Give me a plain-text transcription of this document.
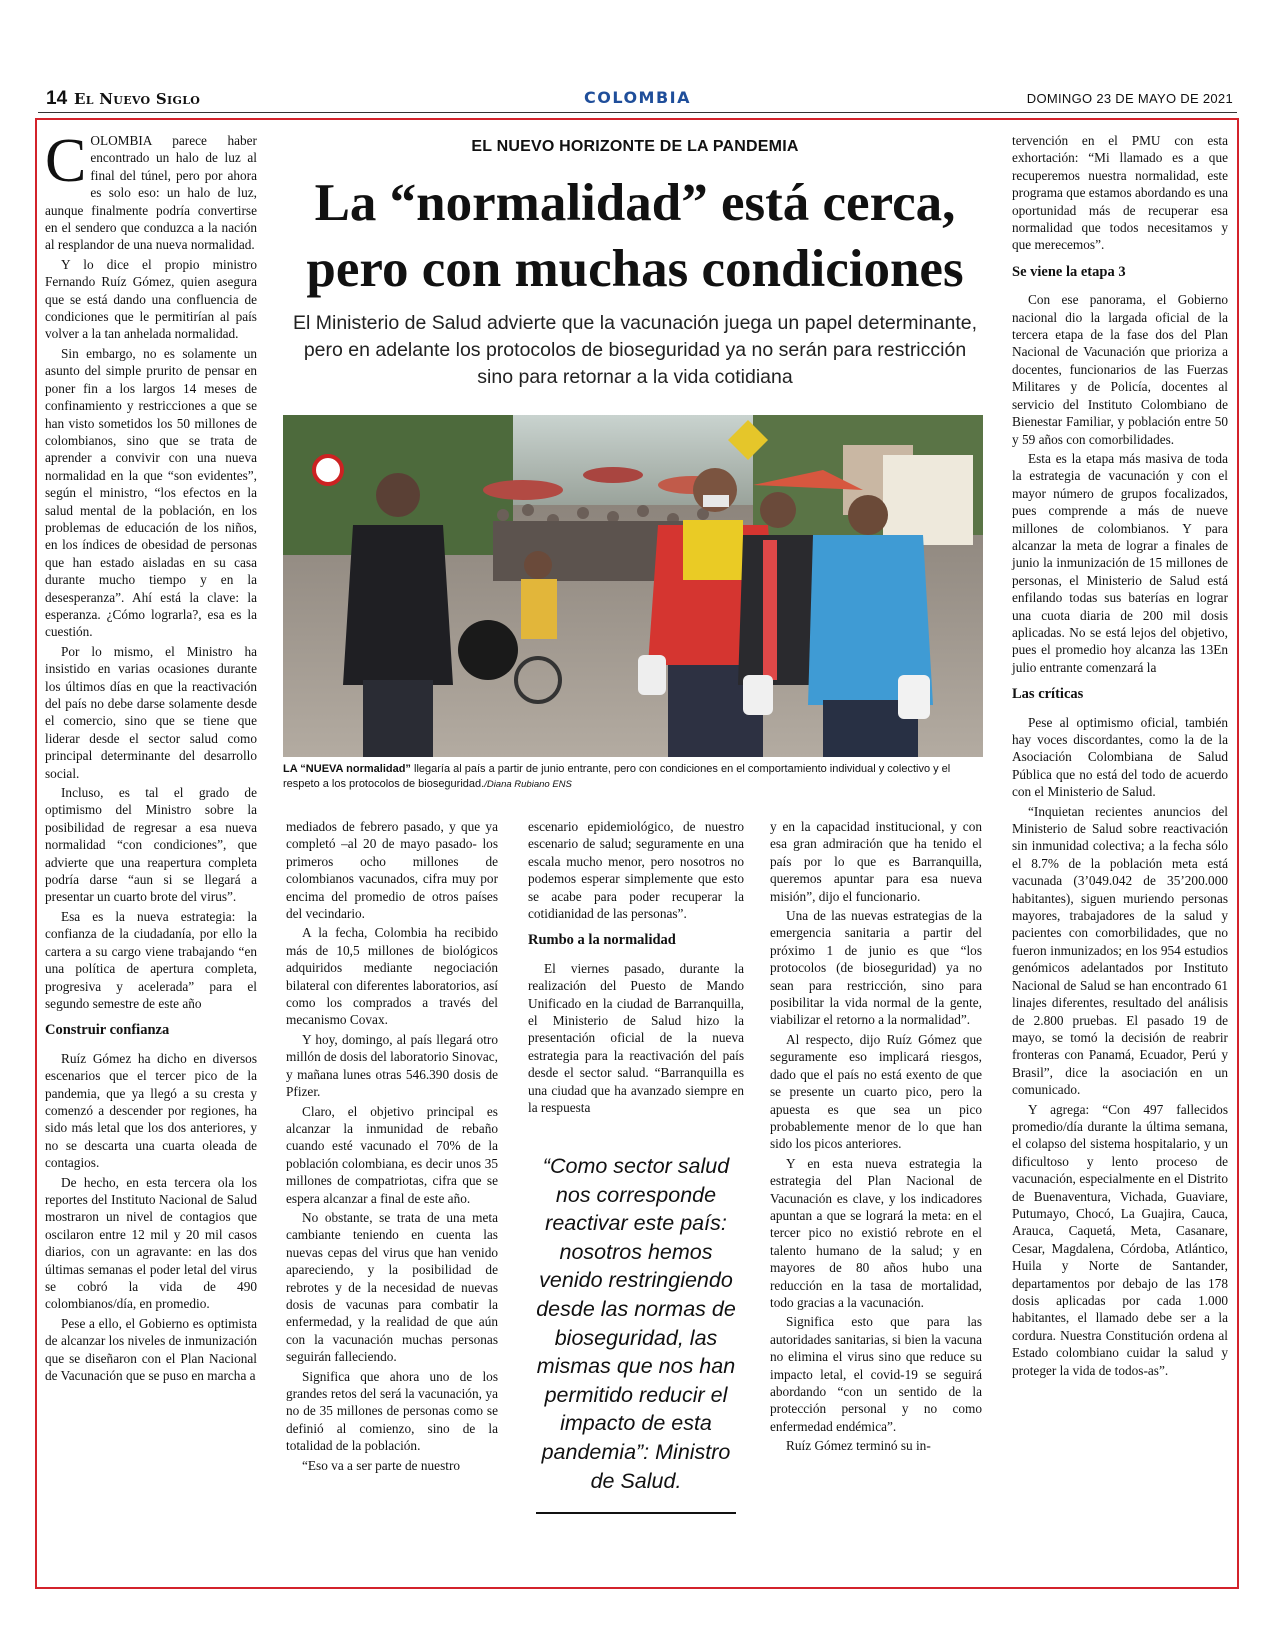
14 El Nuevo Siglo	COLOMBIA	DOMINGO 23 DE MAYO DE 2021

COLOMBIA parece haber encontrado un halo de luz al final del túnel, pero por ahora es solo eso: un halo de luz, aunque finalmente podría convertirse en el sendero que conduzca a la nación al resplandor de una nueva normalidad.

Y lo dice el propio ministro Fernando Ruíz Gómez, quien asegura que se está dando una confluencia de condiciones que le permitirían al país volver a la tan anhelada normalidad.

Sin embargo, no es solamente un asunto del simple prurito de pensar en poner fin a los largos 14 meses de confinamiento y restricciones a que se han visto sometidos los 50 millones de colombianos, sino que se trata de aprender a convivir con una nueva normalidad en la que “son evidentes”, según el ministro, “los efectos en la salud mental de la población, en los problemas de educación de los niños, en los índices de obesidad de personas que han estado aisladas en su casa durante mucho tiempo y en la desesperanza”. Ahí está la clave: la esperanza. ¿Cómo lograrla?, esa es la cuestión.

Por lo mismo, el Ministro ha insistido en varias ocasiones durante los últimos días en que la reactivación del país no debe darse solamente desde el comercio, sino que se tiene que liderar desde el sector salud como principal determinante del desarrollo social.

Incluso, es tal el grado de optimismo del Ministro sobre la posibilidad de regresar a esa nueva normalidad “con condiciones”, que advierte que una reapertura completa podría darse “aun si se llegará a presentar un cuarto brote del virus”.

Esa es la nueva estrategia: la confianza de la ciudadanía, por ello la cartera a su cargo viene trabajando “en una política de apertura completa, progresiva y acelerada” para el segundo semestre de este año

Construir confianza

Ruíz Gómez ha dicho en diversos escenarios que el tercer pico de la pandemia, que ya llegó a su cresta y comenzó a descender por regiones, ha sido más letal que los dos anteriores, y no se descarta una cuarta oleada de contagios.

De hecho, en esta tercera ola los reportes del Instituto Nacional de Salud mostraron un nivel de contagios que oscilaron entre 12 mil y 20 mil casos diarios, con un agravante: en las dos últimas semanas el poder letal del virus se cobró la vida de 490 colombianos/día, en promedio.

Pese a ello, el Gobierno es optimista de alcanzar los niveles de inmunización que se diseñaron con el Plan Nacional de Vacunación que se puso en marcha a

EL NUEVO HORIZONTE DE LA PANDEMIA
La “normalidad” está cerca, pero con muchas condiciones
El Ministerio de Salud advierte que la vacunación juega un papel determinante, pero en adelante los protocolos de bioseguridad ya no serán para restricción sino para retornar a la vida cotidiana
LA “NUEVA normalidad” llegaría al país a partir de junio entrante, pero con condiciones en el comportamiento individual y colectivo y el respeto a los protocolos de bioseguridad./Diana Rubiano ENS

mediados de febrero pasado, y que ya completó –al 20 de mayo pasado- los primeros ocho millones de colombianos vacunados, cifra muy por encima del promedio de otros países del vecindario.

A la fecha, Colombia ha recibido más de 10,5 millones de biológicos adquiridos mediante negociación bilateral con diferentes laboratorios, así como los comprados a través del mecanismo Covax.

Y hoy, domingo, al país llegará otro millón de dosis del laboratorio Sinovac, y mañana lunes otras 546.390 dosis de Pfizer.

Claro, el objetivo principal es alcanzar la inmunidad de rebaño cuando esté vacunado el 70% de la población colombiana, es decir unos 35 millones de compatriotas, cifra que se espera alcanzar a final de este año.

No obstante, se trata de una meta cambiante teniendo en cuenta las nuevas cepas del virus que han venido apareciendo, y la posibilidad de rebrotes y de la necesidad de nuevas dosis de vacunas para combatir la enfermedad, y la realidad de que aún con la vacunación muchas personas seguirán falleciendo.

Significa que ahora uno de los grandes retos del será la vacunación, ya no de 35 millones de personas como se definió al comienzo, sino de la totalidad de la población.

“Eso va a ser parte de nuestro

escenario epidemiológico, de nuestro escenario de salud; seguramente en una escala mucho menor, pero nosotros no podemos esperar simplemente que esto se acabe para poder recuperar la cotidianidad de las personas”.

Rumbo a la normalidad

El viernes pasado, durante la realización del Puesto de Mando Unificado en la ciudad de Barranquilla, el Ministerio de Salud hizo la presentación oficial de la nueva estrategia para la reactivación del país desde el sector salud. “Barranquilla es una ciudad que ha avanzado siempre en la respuesta

“Como sector salud nos corresponde reactivar este país: nosotros hemos venido restringiendo desde las normas de bioseguridad, las mismas que nos han permitido reducir el impacto de esta pandemia”: Ministro de Salud.

y en la capacidad institucional, y con esa gran admiración que ha tenido el país por lo que es Barranquilla, queremos apuntar para esa nueva misión”, dijo el funcionario.

Una de las nuevas estrategias de la emergencia sanitaria a partir del próximo 1 de junio es que “los protocolos (de bioseguridad) ya no sean para restricción, sino para posibilitar la vida normal de la gente, viabilizar el retorno a la normalidad”.

Al respecto, dijo Ruíz Gómez que seguramente eso implicará riesgos, dado que el país no está exento de que se presente un cuarto pico, pero la apuesta es que sea un pico probablemente menor de lo que han sido los picos anteriores.

Y en esta nueva estrategia la estrategia del Plan Nacional de Vacunación es clave, y los indicadores apuntan a que se logrará la meta: en el tercer pico no existió rebrote en el talento humano de la salud; y en mayores de 80 años hubo una reducción en la tasa de mortalidad, todo gracias a la vacunación.

Significa esto que para las autoridades sanitarias, si bien la vacuna no elimina el virus sino que reduce su impacto letal, el covid-19 se seguirá abordando “con un sentido de la protección personal y no como enfermedad endémica”.

Ruíz Gómez terminó su in-

tervención en el PMU con esta exhortación: “Mi llamado es a que recuperemos nuestra normalidad, este programa que estamos abordando es una oportunidad más de recuperar esa normalidad que todos necesitamos y que merecemos”.

Se viene la etapa 3

Con ese panorama, el Gobierno nacional dio la largada oficial de la tercera etapa de la fase dos del Plan Nacional de Vacunación que prioriza a docentes, funcionarios de las Fuerzas Militares y de Policía, docentes al servicio del Instituto Colombiano de Bienestar Familiar, y población entre 50 y 59 años con comorbilidades.

Esta es la etapa más masiva de toda la estrategia de vacunación y con el mayor número de grupos focalizados, pues comprende a más de nueve millones de colombianos. Y para alcanzar la meta de lograr a finales de junio la inmunización de 15 millones de personas, el Ministerio de Salud está enfilando todas sus baterías en lograr una cuota diaria de 200 mil dosis aplicadas. No se está lejos del objetivo, pues el promedio hoy alcanza las 13En julio entrante comenzará la

Las críticas

Pese al optimismo oficial, también hay voces discordantes, como la de la Asociación Colombiana de Salud Pública que no está del todo de acuerdo con el Ministerio de Salud.

“Inquietan recientes anuncios del Ministerio de Salud sobre reactivación sin inmunidad colectiva; a la fecha sólo el 8.7% de la población meta está vacunada (3’049.042 de 35’200.000 habitantes), siguen muriendo personas mayores, trabajadores de la salud y pacientes con comorbilidades, que no fueron inmunizados; en los 954 estudios genómicos adelantados por Instituto Nacional de Salud se han encontrado 61 linajes diferentes, resultado del análisis de 2.800 pruebas. El pasado 19 de mayo, se tomó la decisión de reabrir fronteras con Panamá, Ecuador, Perú y Brasil”, dice la asociación en un comunicado.

Y agrega: “Con 497 fallecidos promedio/día durante la última semana, el colapso del sistema hospitalario, y un dificultoso y lento proceso de vacunación, especialmente en el Distrito de Buenaventura, Vichada, Guaviare, Putumayo, Chocó, La Guajira, Cauca, Arauca, Caquetá, Meta, Casanare, Cesar, Magdalena, Córdoba, Atlántico, Huila y Norte de Santander, departamentos por debajo de las 178 dosis aplicadas por cada 1.000 habitantes, el llamado debe ser a la cordura. Nuestra Constitución ordena al Estado colombiano cuidar la salud y proteger la vida de todos-as”.
